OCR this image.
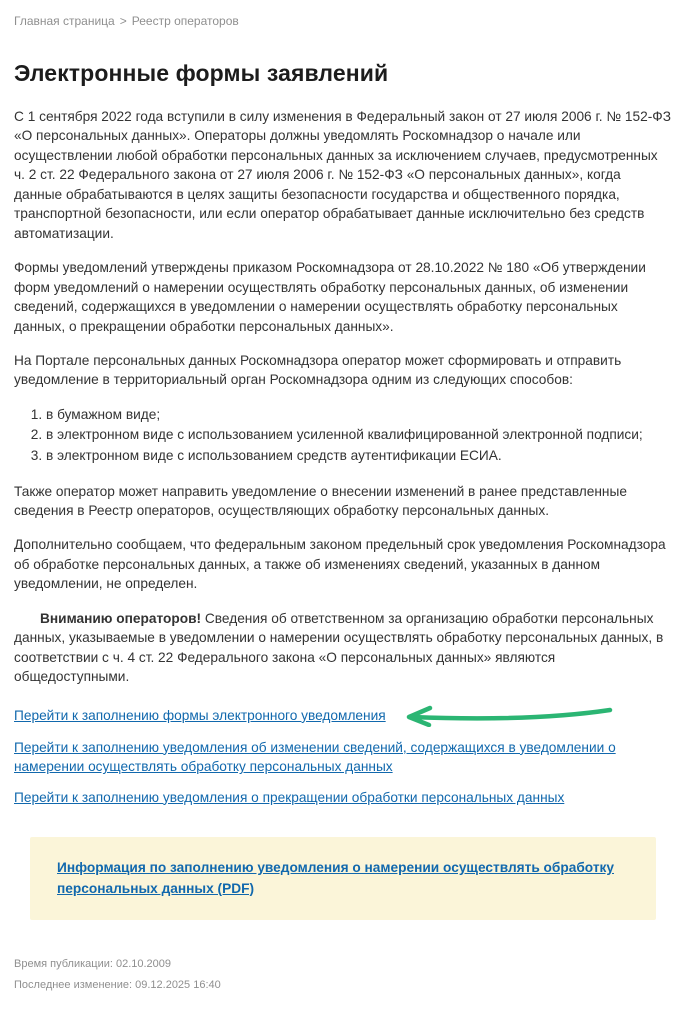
Главная страница > Реестр операторов
Электронные формы заявлений

С 1 сентября 2022 года вступили в силу изменения в Федеральный закон от 27 июля 2006 г. № 152-ФЗ «О персональных данных». Операторы должны уведомлять Роскомнадзор о начале или осуществлении любой обработки персональных данных за исключением случаев, предусмотренных ч. 2 ст. 22 Федерального закона от 27 июля 2006 г. № 152-ФЗ «О персональных данных», когда данные обрабатываются в целях защиты безопасности государства и общественного порядка, транспортной безопасности, или если оператор обрабатывает данные исключительно без средств автоматизации.

Формы уведомлений утверждены приказом Роскомнадзора от 28.10.2022 № 180 «Об утверждении форм уведомлений о намерении осуществлять обработку персональных данных, об изменении сведений, содержащихся в уведомлении о намерении осуществлять обработку персональных данных, о прекращении обработки персональных данных».

На Портале персональных данных Роскомнадзора оператор может сформировать и отправить уведомление в территориальный орган Роскомнадзора одним из следующих способов:

1. в бумажном виде;
2. в электронном виде с использованием усиленной квалифицированной электронной подписи;
3. в электронном виде с использованием средств аутентификации ЕСИА.

Также оператор может направить уведомление о внесении изменений в ранее представленные сведения в Реестр операторов, осуществляющих обработку персональных данных.

Дополнительно сообщаем, что федеральным законом предельный срок уведомления Роскомнадзора об обработке персональных данных, а также об изменениях сведений, указанных в данном уведомлении, не определен.

Вниманию операторов! Сведения об ответственном за организацию обработки персональных данных, указываемые в уведомлении о намерении осуществлять обработку персональных данных, в соответствии с ч. 4 ст. 22 Федерального закона «О персональных данных» являются общедоступными.

Перейти к заполнению формы электронного уведомления
Перейти к заполнению уведомления об изменении сведений, содержащихся в уведомлении о намерении осуществлять обработку персональных данных
Перейти к заполнению уведомления о прекращении обработки персональных данных
Информация по заполнению уведомления о намерении осуществлять обработку персональных данных (PDF)
Время публикации: 02.10.2009
Последнее изменение: 09.12.2025 16:40
